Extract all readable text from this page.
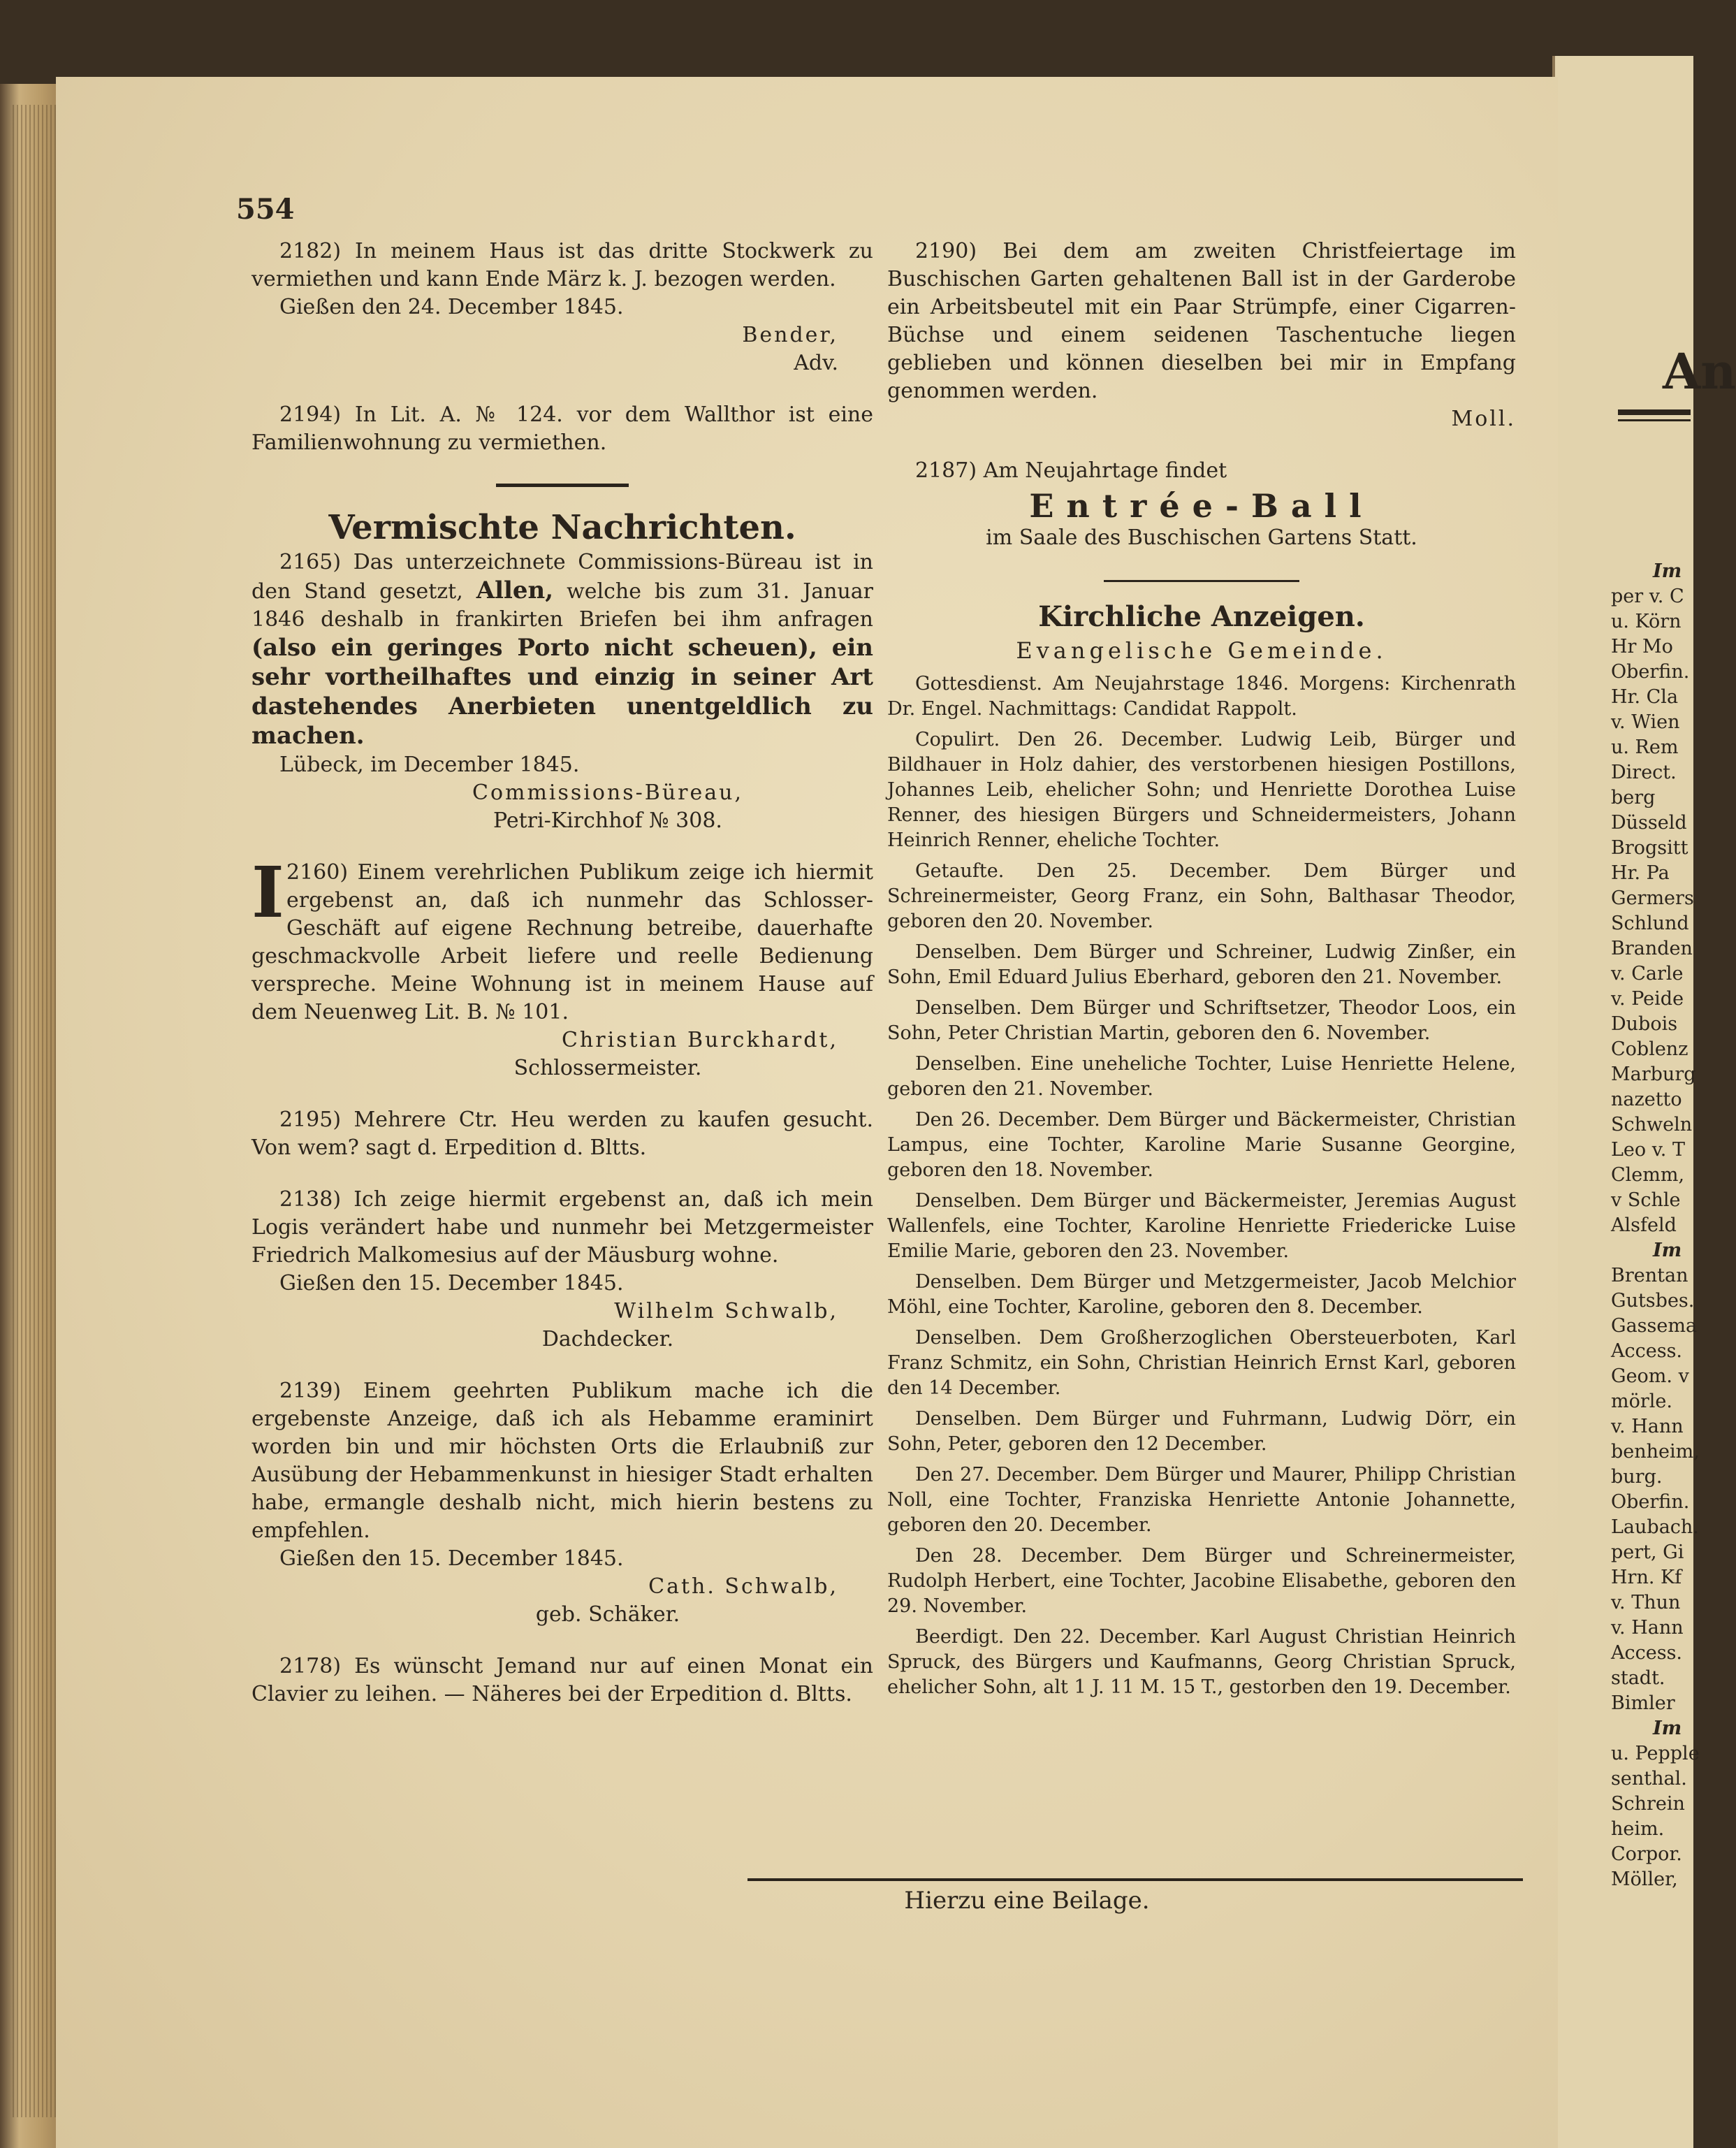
554

2182) In meinem Haus ist das dritte Stockwerk zu vermiethen und kann Ende März k. J. bezogen werden.

Gießen den 24. December 1845.

Bender,

Adv.

2194) In Lit. A. № 124. vor dem Wallthor ist eine Familienwohnung zu vermiethen.

Vermischte Nachrichten.

2165) Das unterzeichnete Commissions-Büreau ist in den Stand gesetzt, Allen, welche bis zum 31. Januar 1846 deshalb in frankirten Briefen bei ihm anfragen (also ein geringes Porto nicht scheuen), ein sehr vortheilhaftes und einzig in seiner Art dastehendes Anerbieten unentgeldlich zu machen.

Lübeck, im December 1845.

Commissions-Büreau,

Petri-Kirchhof № 308.

I 2160) Einem verehrlichen Publikum zeige ich hiermit ergebenst an, daß ich nunmehr das Schlosser-Geschäft auf eigene Rechnung betreibe, dauerhafte geschmackvolle Arbeit liefere und reelle Bedienung verspreche. Meine Wohnung ist in meinem Hause auf dem Neuenweg Lit. B. № 101.

Christian Burckhardt,

Schlossermeister.

2195) Mehrere Ctr. Heu werden zu kaufen gesucht. Von wem? sagt d. Erpedition d. Bltts.

2138) Ich zeige hiermit ergebenst an, daß ich mein Logis verändert habe und nunmehr bei Metzgermeister Friedrich Malkomesius auf der Mäusburg wohne.

Gießen den 15. December 1845.

Wilhelm Schwalb,

Dachdecker.

2139) Einem geehrten Publikum mache ich die ergebenste Anzeige, daß ich als Hebamme eraminirt worden bin und mir höchsten Orts die Erlaubniß zur Ausübung der Hebammenkunst in hiesiger Stadt erhalten habe, ermangle deshalb nicht, mich hierin bestens zu empfehlen.

Gießen den 15. December 1845.

Cath. Schwalb,

geb. Schäker.

2178) Es wünscht Jemand nur auf einen Monat ein Clavier zu leihen. — Näheres bei der Erpedition d. Bltts.

2190) Bei dem am zweiten Christfeiertage im Buschischen Garten gehaltenen Ball ist in der Garderobe ein Arbeitsbeutel mit ein Paar Strümpfe, einer Cigarren-Büchse und einem seidenen Taschentuche liegen geblieben und können dieselben bei mir in Empfang genommen werden.

Moll.

2187) Am Neujahrtage findet

Entrée-Ball

im Saale des Buschischen Gartens Statt.

Kirchliche Anzeigen.
Evangelische Gemeinde.

Gottesdienst. Am Neujahrstage 1846. Morgens: Kirchenrath Dr. Engel. Nachmittags: Candidat Rappolt.

Copulirt. Den 26. December. Ludwig Leib, Bürger und Bildhauer in Holz dahier, des verstorbenen hiesigen Postillons, Johannes Leib, ehelicher Sohn; und Henriette Dorothea Luise Renner, des hiesigen Bürgers und Schneidermeisters, Johann Heinrich Renner, eheliche Tochter.

Getaufte. Den 25. December. Dem Bürger und Schreinermeister, Georg Franz, ein Sohn, Balthasar Theodor, geboren den 20. November.

Denselben. Dem Bürger und Schreiner, Ludwig Zinßer, ein Sohn, Emil Eduard Julius Eberhard, geboren den 21. November.

Denselben. Dem Bürger und Schriftsetzer, Theodor Loos, ein Sohn, Peter Christian Martin, geboren den 6. November.

Denselben. Eine uneheliche Tochter, Luise Henriette Helene, geboren den 21. November.

Den 26. December. Dem Bürger und Bäckermeister, Christian Lampus, eine Tochter, Karoline Marie Susanne Georgine, geboren den 18. November.

Denselben. Dem Bürger und Bäckermeister, Jeremias August Wallenfels, eine Tochter, Karoline Henriette Friedericke Luise Emilie Marie, geboren den 23. November.

Denselben. Dem Bürger und Metzgermeister, Jacob Melchior Möhl, eine Tochter, Karoline, geboren den 8. December.

Denselben. Dem Großherzoglichen Obersteuerboten, Karl Franz Schmitz, ein Sohn, Christian Heinrich Ernst Karl, geboren den 14 December.

Denselben. Dem Bürger und Fuhrmann, Ludwig Dörr, ein Sohn, Peter, geboren den 12 December.

Den 27. December. Dem Bürger und Maurer, Philipp Christian Noll, eine Tochter, Franziska Henriette Antonie Johannette, geboren den 20. December.

Den 28. December. Dem Bürger und Schreinermeister, Rudolph Herbert, eine Tochter, Jacobine Elisabethe, geboren den 29. November.

Beerdigt. Den 22. December. Karl August Christian Heinrich Spruck, des Bürgers und Kaufmanns, Georg Christian Spruck, ehelicher Sohn, alt 1 J. 11 M. 15 T., gestorben den 19. December.

Hierzu eine Beilage.
An
Im
per v. C
u. Körn
Hr Mo
Oberfin.
Hr. Cla
v. Wien
u. Rem
Direct.
berg
Düsseld
Brogsitt
Hr. Pa
Germers
Schlund
Branden
v. Carle
v. Peide
Dubois
Coblenz
Marburg
nazetto
Schweln
Leo v. T
Clemm,
v Schle
Alsfeld
Im
Brentan
Gutsbes.
Gassema
Access.
Geom. v
mörle.
v. Hann
benheim,
burg.
Oberfin.
Laubach.
pert, Gi
Hrn. Kf
v. Thun
v. Hann
Access.
stadt.
Bimler
Im
u. Pepple
senthal.
Schrein
heim.
Corpor.
Möller,
